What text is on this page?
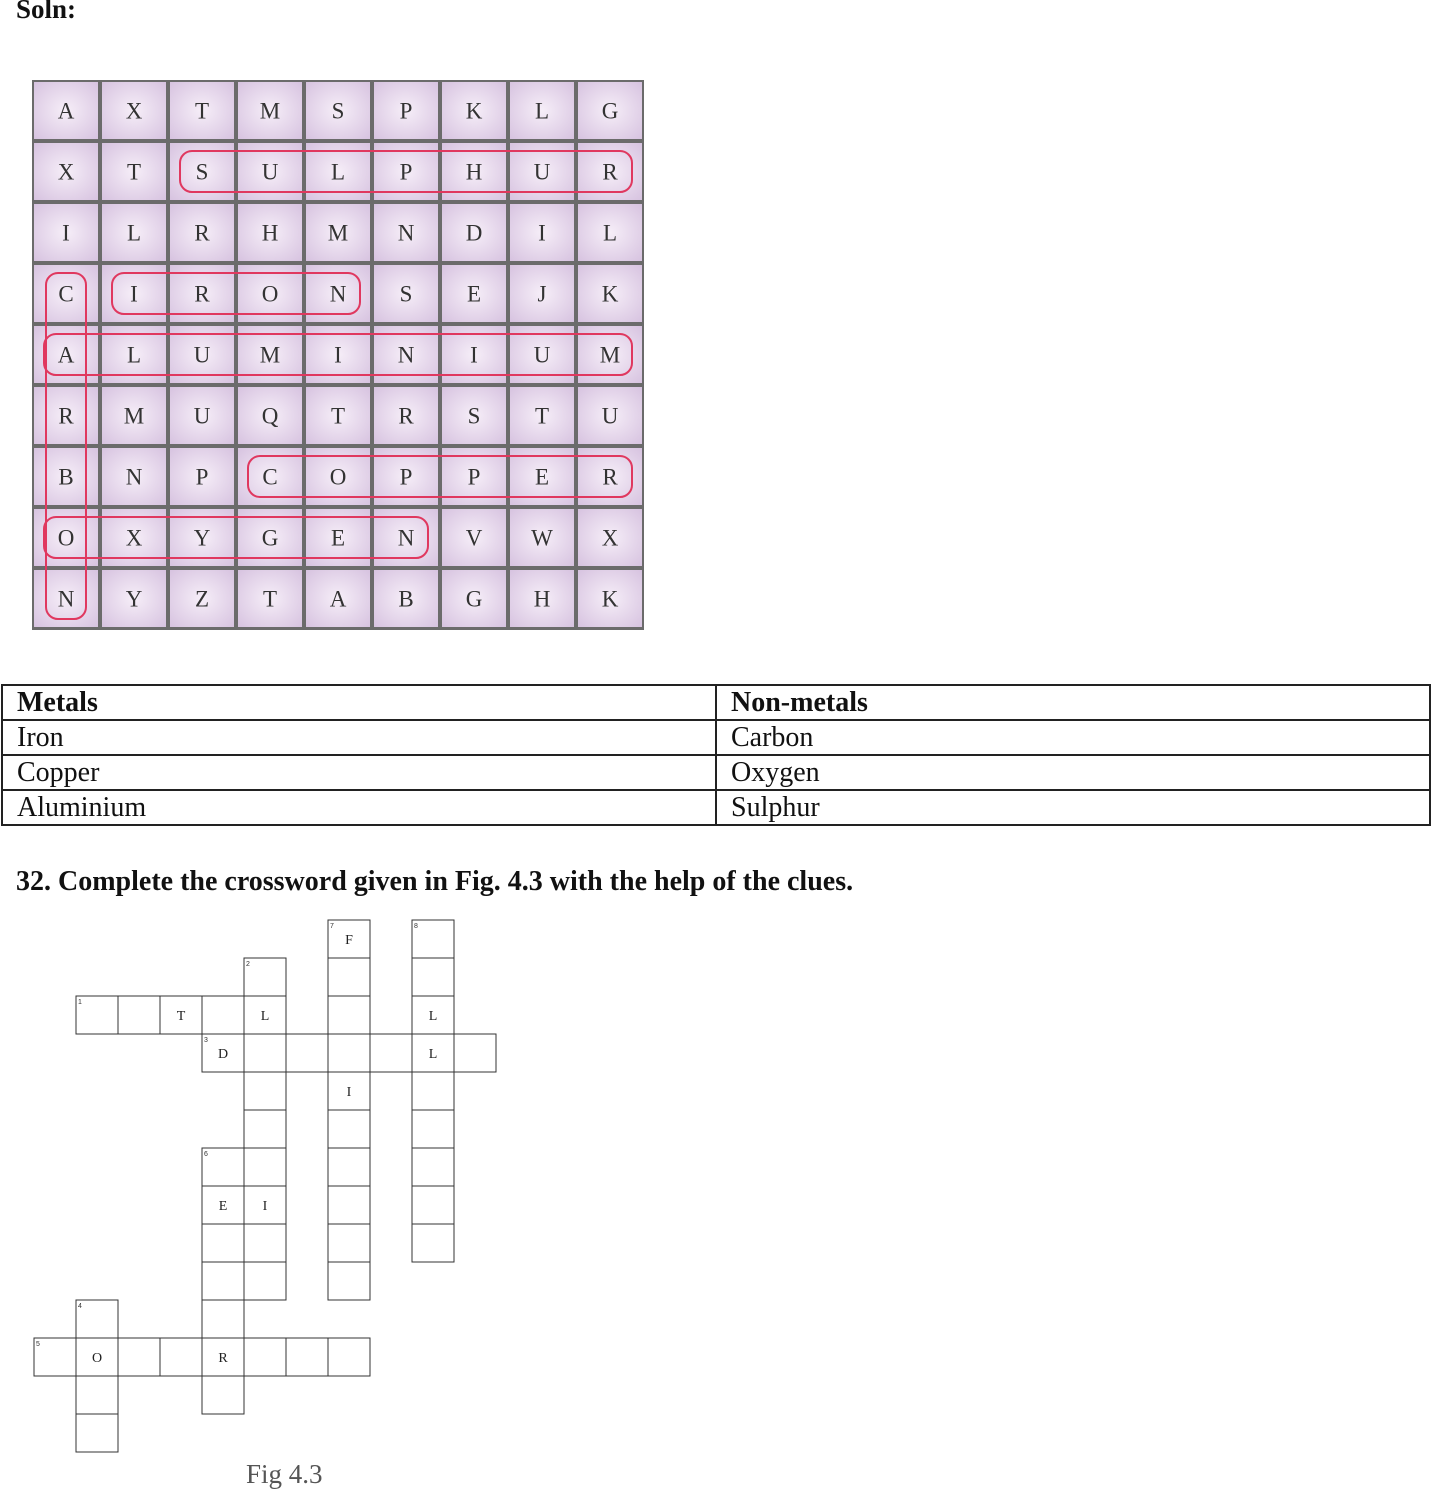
Soln:

A X T M S P K L G
X T S U L P H U R
I L R H M N D I L
C I R O N S E J K
A L U M I N I U M
R M U Q T R S T U
B N P C O P P E R
O X Y G E N V W X
N Y Z T A B G H K
Metals	Non-metals
Iron	Carbon
Copper	Oxygen
Aluminium	Sulphur

32. Complete the crossword given in Fig. 4.3 with the help of the clues.

7
F
8
2
1
T	L	L
3
D	L
I
6
E	I
4
5
O	R

Fig 4.3
